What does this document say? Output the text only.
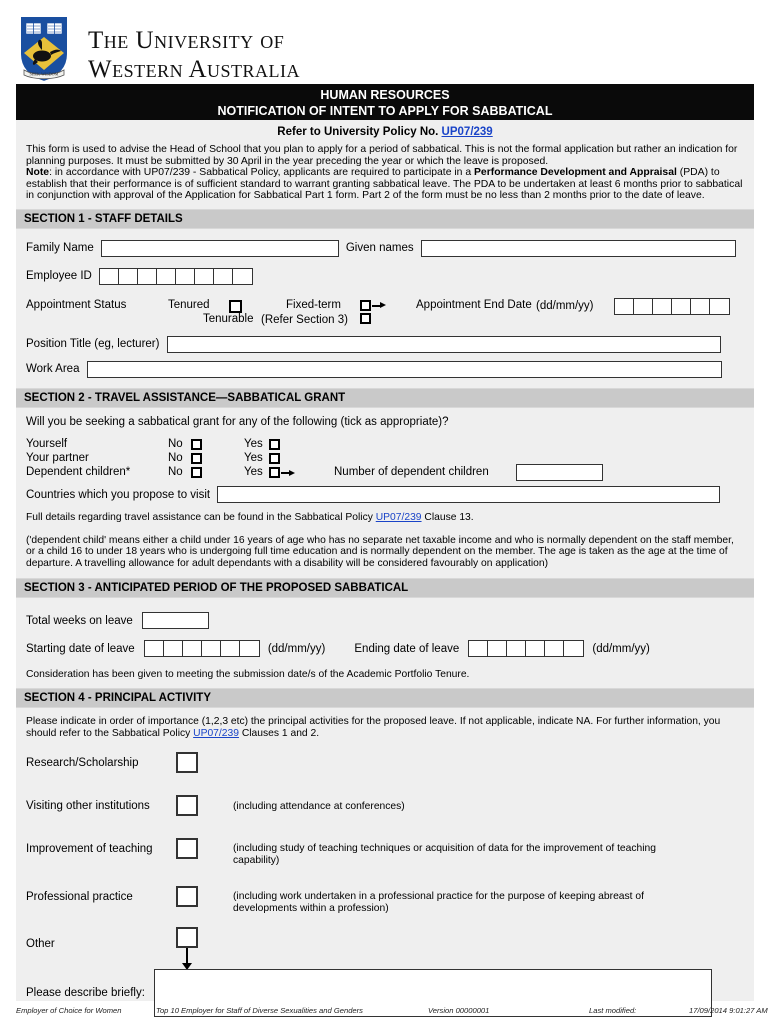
SEEK WISDOM
The University of
Western Australia
HUMAN RESOURCES
NOTIFICATION OF INTENT TO APPLY FOR SABBATICAL
Refer to University Policy No. UP07/239

This form is used to advise the Head of School that you plan to apply for a period of sabbatical. This is not the formal application but rather an indication for planning purposes. It must be submitted by 30 April in the year preceding the year or which the leave is proposed.

Note: in accordance with UP07/239 - Sabbatical Policy, applicants are required to participate in a Performance Development and Appraisal (PDA) to establish that their performance is of sufficient standard to warrant granting sabbatical leave. The PDA to be undertaken at least 6 months prior to sabbatical in conjunction with approval of the Application for Sabbatical Part 1 form. Part 2 of the form must be no less than 2 months prior to the date of leave.

SECTION 1 - STAFF DETAILS
Family Name	Given names
Employee ID
Appointment Status	Tenured	Fixed-term
Tenurable (Refer Section 3)
Appointment End Date (dd/mm/yy)
Position Title (eg, lecturer)
Work Area
SECTION 2 - TRAVEL ASSISTANCE—SABBATICAL GRANT
Will you be seeking a sabbatical grant for any of the following (tick as appropriate)?
Yourself	No	Yes
Your partner	No	Yes
Dependent children*	No	Yes	Number of dependent children
Countries which you propose to visit
Full details regarding travel assistance can be found in the Sabbatical Policy UP07/239 Clause 13.
('dependent child' means either a child under 16 years of age who has no separate net taxable income and who is normally dependent on the staff member, or a child 16 to under 18 years who is undergoing full time education and is normally dependent on the member. The age is taken as the age at the time of departure. A travelling allowance for adult dependants with a disability will be considered favourably on application)
SECTION 3 - ANTICIPATED PERIOD OF THE PROPOSED SABBATICAL
Total weeks on leave
Starting date of leave	(dd/mm/yy)	Ending date of leave	(dd/mm/yy)
Consideration has been given to meeting the submission date/s of the Academic Portfolio Tenure.
SECTION 4 - PRINCIPAL ACTIVITY
Please indicate in order of importance (1,2,3 etc) the principal activities for the proposed leave. If not applicable, indicate NA. For further information, you should refer to the Sabbatical Policy UP07/239 Clauses 1 and 2.
Research/Scholarship
Visiting other institutions	(including attendance at conferences)
Improvement of teaching	(including study of teaching techniques or acquisition of data for the improvement of teaching capability)
Professional practice	(including work undertaken in a professional practice for the purpose of keeping abreast of developments within a profession)
Other
Please describe briefly:
Employer of Choice for Women	Top 10 Employer for Staff of Diverse Sexualities and Genders	Version 00000001	Last modified:	17/09/2014 9:01:27 AM
